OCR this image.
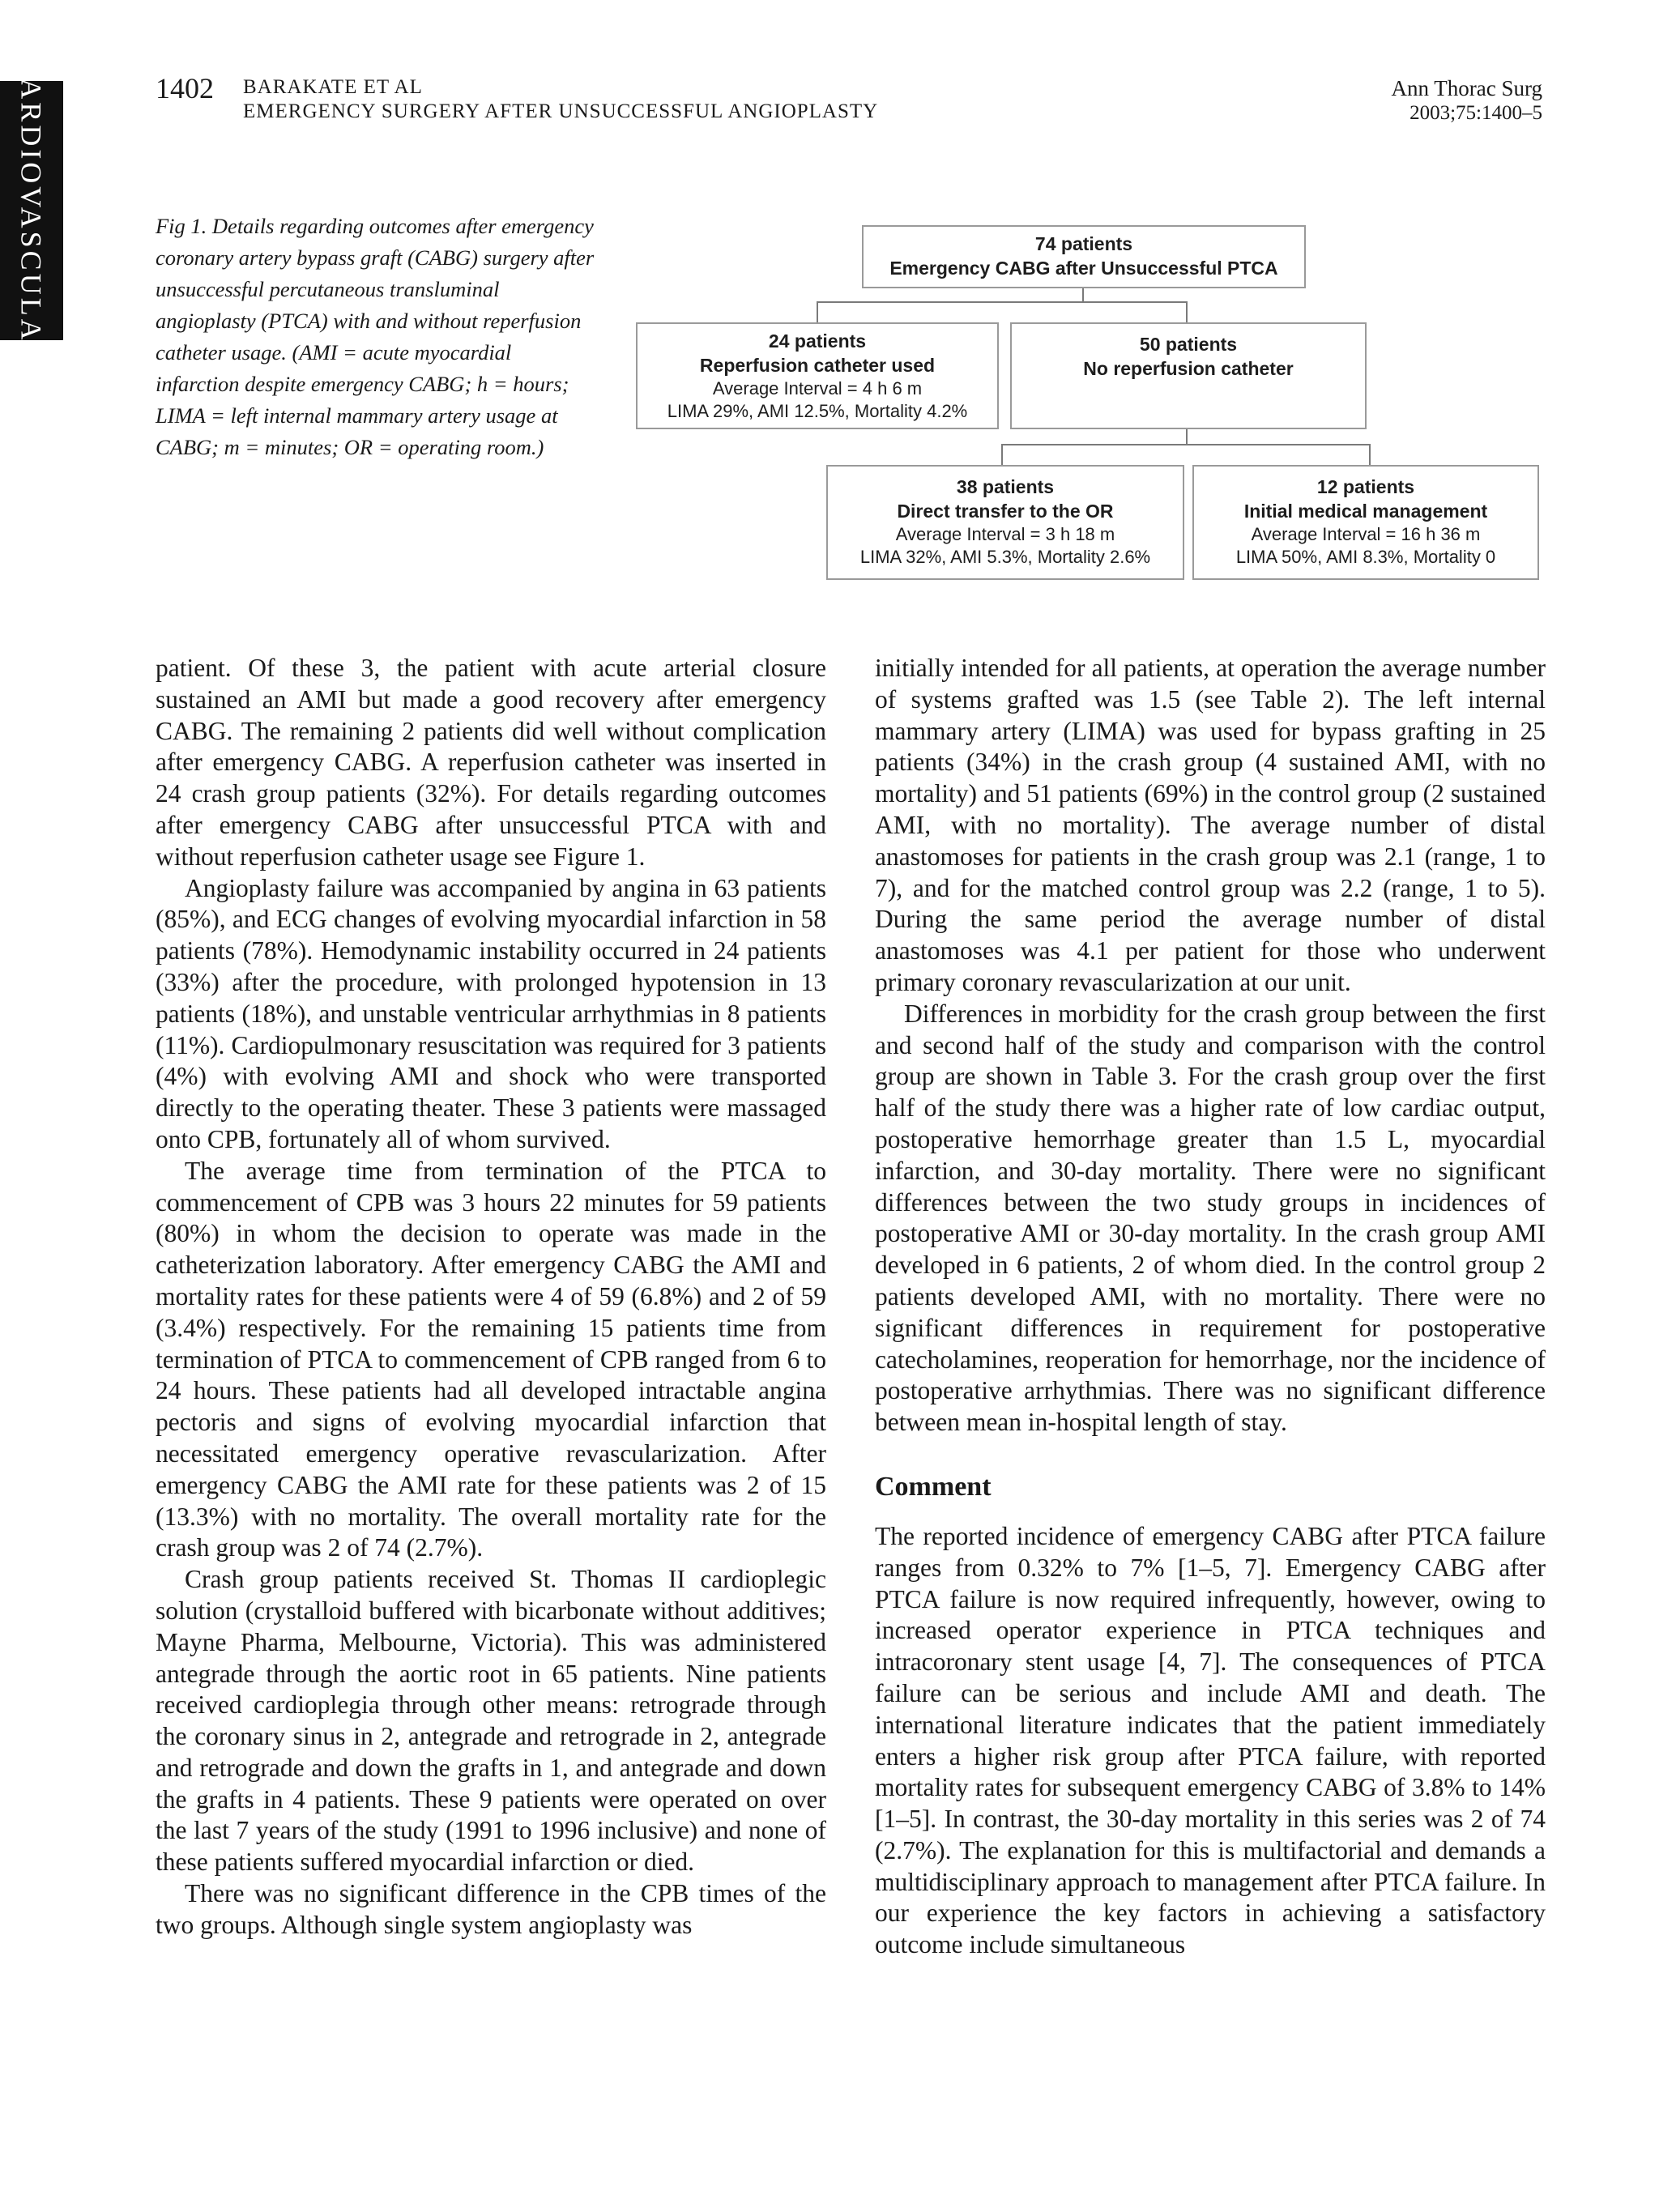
CARDIOVASCULAR	1402 BARAKATE ET AL
EMERGENCY SURGERY AFTER UNSUCCESSFUL ANGIOPLASTY
Ann Thorac Surg
2003;75:1400–5
Fig 1. Details regarding outcomes after emergency coronary artery bypass graft (CABG) surgery after unsuccessful percutaneous transluminal angioplasty (PTCA) with and without reperfusion catheter usage. (AMI = acute myocardial infarction despite emergency CABG; h = hours; LIMA = left internal mammary artery usage at CABG; m = minutes; OR = operating room.)
74 patients
Emergency CABG after Unsuccessful PTCA
24 patients
Reperfusion catheter used
Average Interval = 4 h 6 m
LIMA 29%, AMI 12.5%, Mortality 4.2%
50 patients
No reperfusion catheter
38 patients
Direct transfer to the OR
Average Interval = 3 h 18 m
LIMA 32%, AMI 5.3%, Mortality 2.6%
12 patients
Initial medical management
Average Interval = 16 h 36 m
LIMA 50%, AMI 8.3%, Mortality 0

patient. Of these 3, the patient with acute arterial closure sustained an AMI but made a good recovery after emergency CABG. The remaining 2 patients did well without complication after emergency CABG. A reperfusion catheter was inserted in 24 crash group patients (32%). For details regarding outcomes after emergency CABG after unsuccessful PTCA with and without reperfusion catheter usage see Figure 1.

Angioplasty failure was accompanied by angina in 63 patients (85%), and ECG changes of evolving myocardial infarction in 58 patients (78%). Hemodynamic instability occurred in 24 patients (33%) after the procedure, with prolonged hypotension in 13 patients (18%), and unstable ventricular arrhythmias in 8 patients (11%). Cardiopulmonary resuscitation was required for 3 patients (4%) with evolving AMI and shock who were transported directly to the operating theater. These 3 patients were massaged onto CPB, fortunately all of whom survived.

The average time from termination of the PTCA to commencement of CPB was 3 hours 22 minutes for 59 patients (80%) in whom the decision to operate was made in the catheterization laboratory. After emergency CABG the AMI and mortality rates for these patients were 4 of 59 (6.8%) and 2 of 59 (3.4%) respectively. For the remaining 15 patients time from termination of PTCA to commencement of CPB ranged from 6 to 24 hours. These patients had all developed intractable angina pectoris and signs of evolving myocardial infarction that necessitated emergency operative revascularization. After emergency CABG the AMI rate for these patients was 2 of 15 (13.3%) with no mortality. The overall mortality rate for the crash group was 2 of 74 (2.7%).

Crash group patients received St. Thomas II cardioplegic solution (crystalloid buffered with bicarbonate without additives; Mayne Pharma, Melbourne, Victoria). This was administered antegrade through the aortic root in 65 patients. Nine patients received cardioplegia through other means: retrograde through the coronary sinus in 2, antegrade and retrograde in 2, antegrade and retrograde and down the grafts in 1, and antegrade and down the grafts in 4 patients. These 9 patients were operated on over the last 7 years of the study (1991 to 1996 inclusive) and none of these patients suffered myocardial infarction or died.

There was no significant difference in the CPB times of the two groups. Although single system angioplasty was

initially intended for all patients, at operation the average number of systems grafted was 1.5 (see Table 2). The left internal mammary artery (LIMA) was used for bypass grafting in 25 patients (34%) in the crash group (4 sustained AMI, with no mortality) and 51 patients (69%) in the control group (2 sustained AMI, with no mortality). The average number of distal anastomoses for patients in the crash group was 2.1 (range, 1 to 7), and for the matched control group was 2.2 (range, 1 to 5). During the same period the average number of distal anastomoses was 4.1 per patient for those who underwent primary coronary revascularization at our unit.

Differences in morbidity for the crash group between the first and second half of the study and comparison with the control group are shown in Table 3. For the crash group over the first half of the study there was a higher rate of low cardiac output, postoperative hemorrhage greater than 1.5 L, myocardial infarction, and 30-day mortality. There were no significant differences between the two study groups in incidences of postoperative AMI or 30-day mortality. In the crash group AMI developed in 6 patients, 2 of whom died. In the control group 2 patients developed AMI, with no mortality. There were no significant differences in requirement for postoperative catecholamines, reoperation for hemorrhage, nor the incidence of postoperative arrhythmias. There was no significant difference between mean in-hospital length of stay.

Comment

The reported incidence of emergency CABG after PTCA failure ranges from 0.32% to 7% [1–5, 7]. Emergency CABG after PTCA failure is now required infrequently, however, owing to increased operator experience in PTCA techniques and intracoronary stent usage [4, 7]. The consequences of PTCA failure can be serious and include AMI and death. The international literature indicates that the patient immediately enters a higher risk group after PTCA failure, with reported mortality rates for subsequent emergency CABG of 3.8% to 14% [1–5]. In contrast, the 30-day mortality in this series was 2 of 74 (2.7%). The explanation for this is multifactorial and demands a multidisciplinary approach to management after PTCA failure. In our experience the key factors in achieving a satisfactory outcome include simultaneous
